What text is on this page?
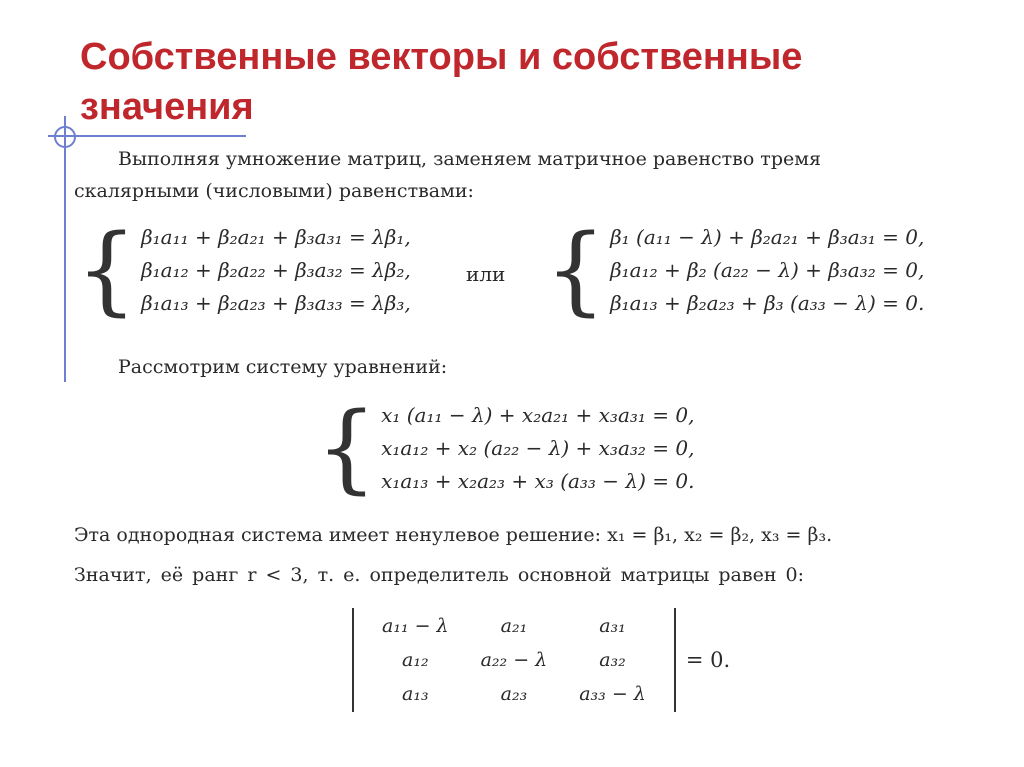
Собственные векторы и собственные значения

Выполняя умножение матриц, заменяем матричное равенство тремя

скалярными (числовыми) равенствами:

{ β₁a₁₁ + β₂a₂₁ + β₃a₃₁ = λβ₁,
β₁a₁₂ + β₂a₂₂ + β₃a₃₂ = λβ₂,
β₁a₁₃ + β₂a₂₃ + β₃a₃₃ = λβ₃,
или { β₁ (a₁₁ − λ) + β₂a₂₁ + β₃a₃₁ = 0,
β₁a₁₂ + β₂ (a₂₂ − λ) + β₃a₃₂ = 0,
β₁a₁₃ + β₂a₂₃ + β₃ (a₃₃ − λ) = 0.

Рассмотрим систему уравнений:

{ x₁ (a₁₁ − λ) + x₂a₂₁ + x₃a₃₁ = 0,
x₁a₁₂ + x₂ (a₂₂ − λ) + x₃a₃₂ = 0,
x₁a₁₃ + x₂a₂₃ + x₃ (a₃₃ − λ) = 0.

Эта однородная система имеет ненулевое решение: x₁ = β₁, x₂ = β₂, x₃ = β₃.

Значит, её ранг r < 3, т. е. определитель основной матрицы равен 0:

a₁₁ − λ	a₂₁	a₃₁
a₁₂	a₂₂ − λ	a₃₂
a₁₃	a₂₃	a₃₃ − λ
= 0.
